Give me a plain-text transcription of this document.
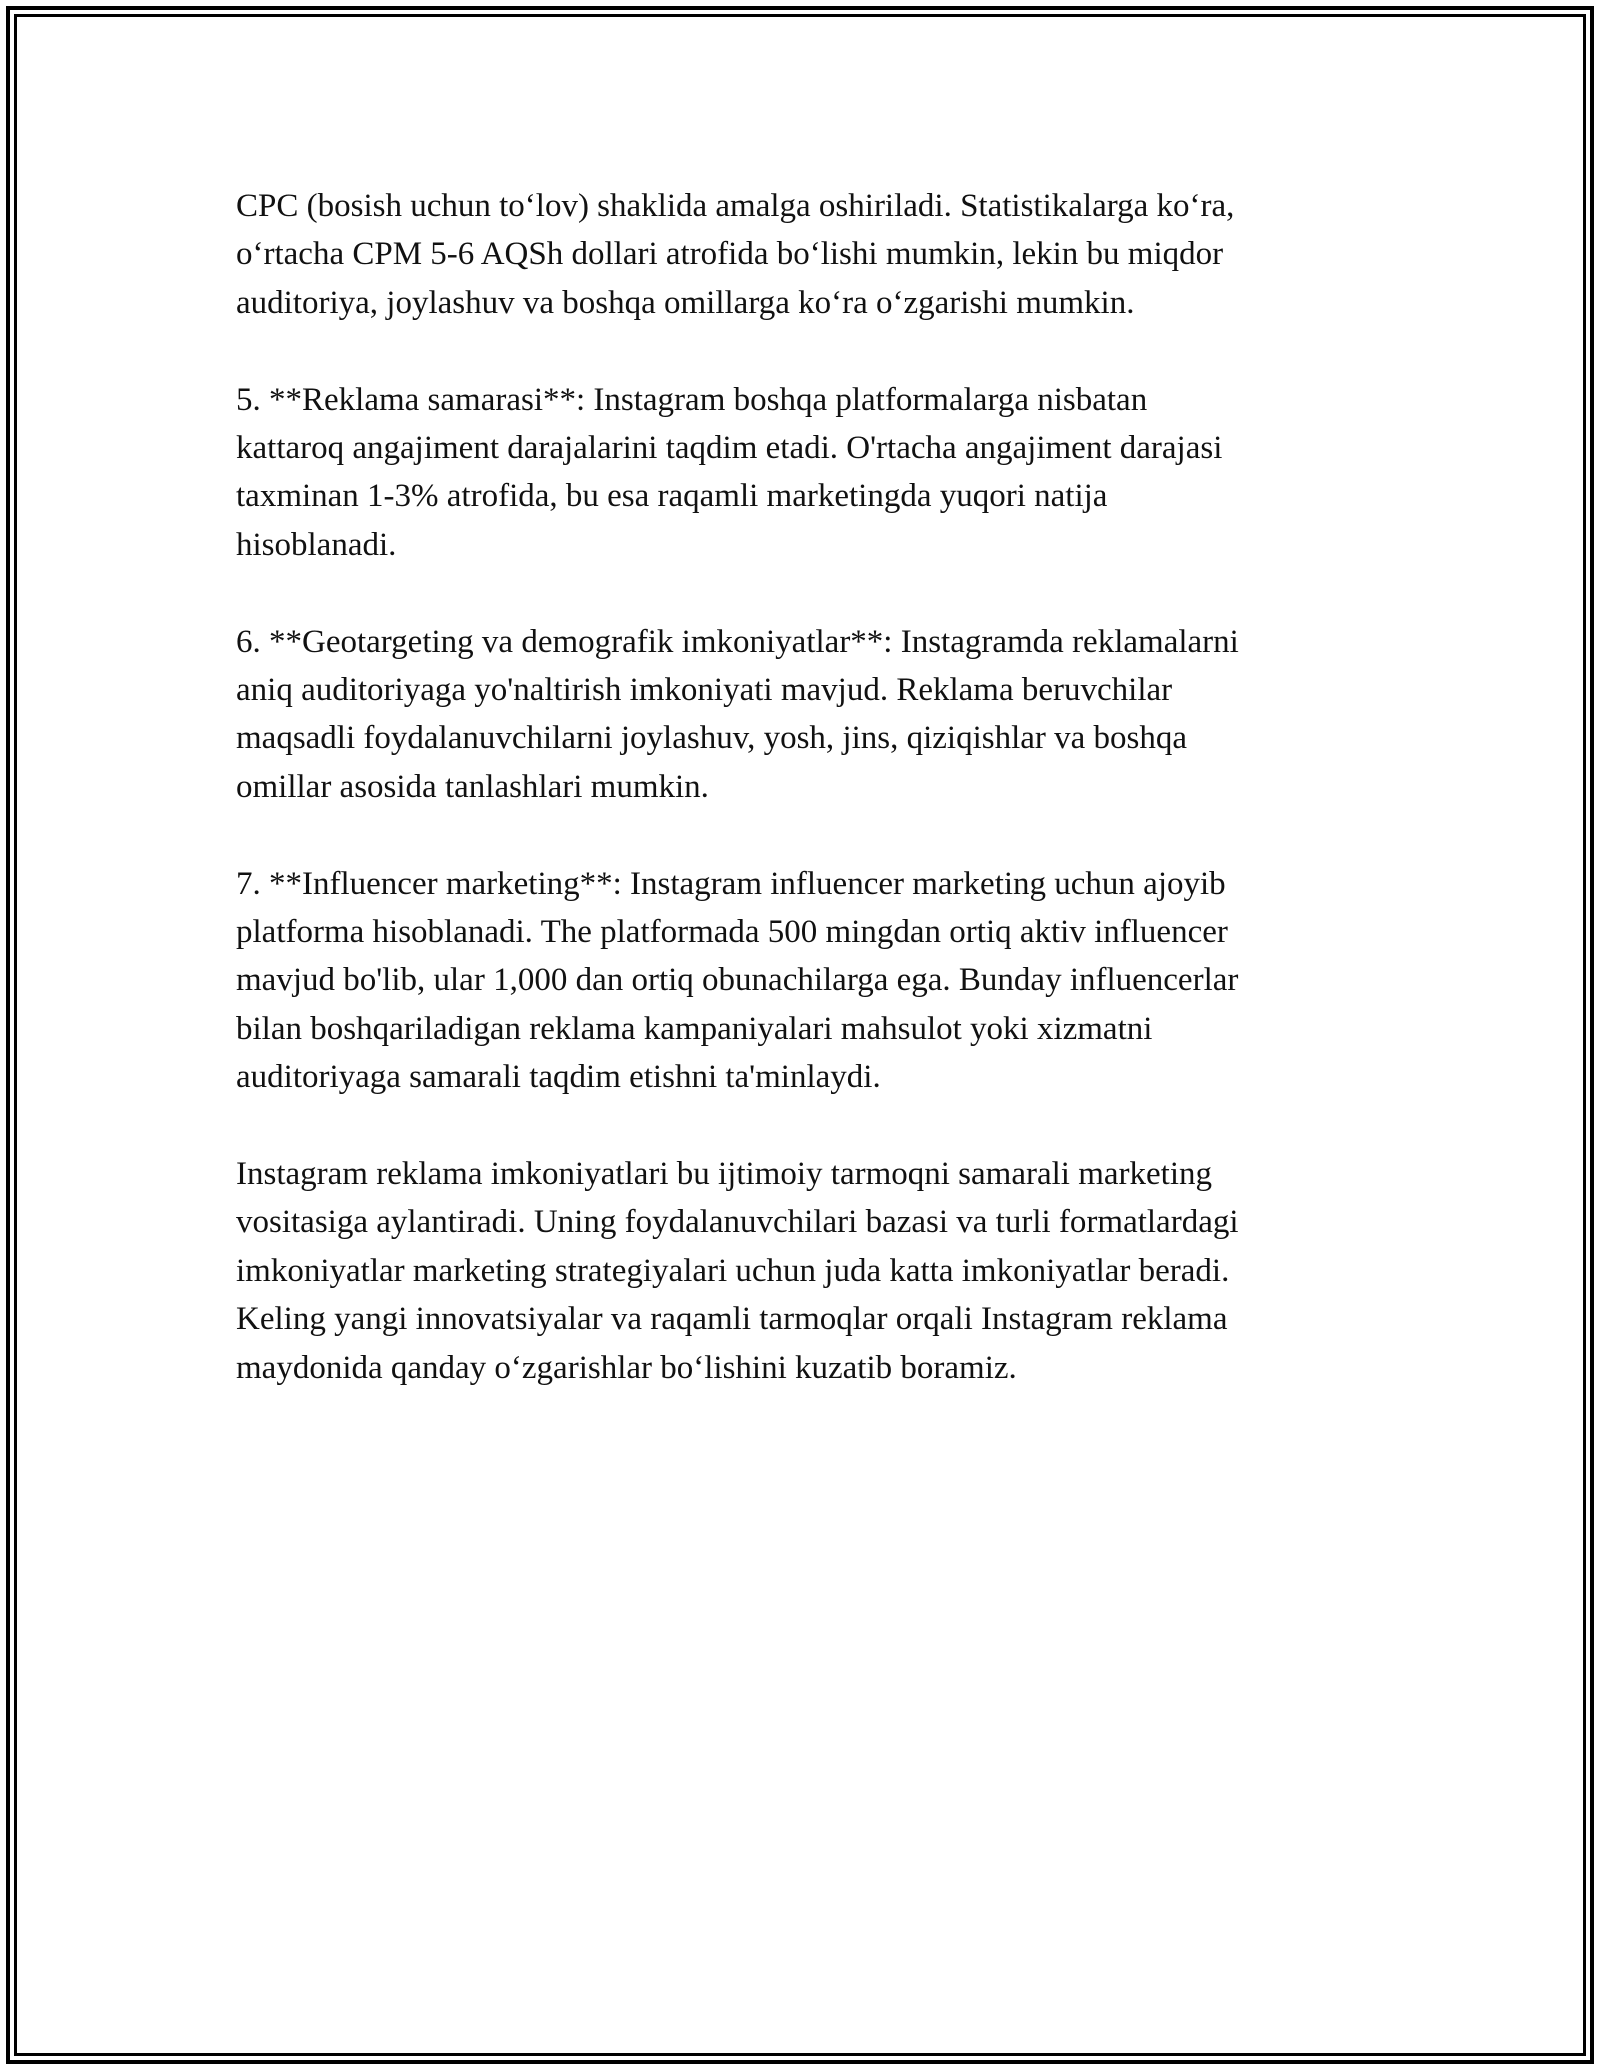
CPC (bosish uchun to‘lov) shaklida amalga oshiriladi. Statistikalarga ko‘ra,
o‘rtacha CPM 5-6 AQSh dollari atrofida bo‘lishi mumkin, lekin bu miqdor
auditoriya, joylashuv va boshqa omillarga ko‘ra o‘zgarishi mumkin.

5. **Reklama samarasi**: Instagram boshqa platformalarga nisbatan
kattaroq angajiment darajalarini taqdim etadi. O'rtacha angajiment darajasi
taxminan 1-3% atrofida, bu esa raqamli marketingda yuqori natija
hisoblanadi.

6. **Geotargeting va demografik imkoniyatlar**: Instagramda reklamalarni
aniq auditoriyaga yo'naltirish imkoniyati mavjud. Reklama beruvchilar
maqsadli foydalanuvchilarni joylashuv, yosh, jins, qiziqishlar va boshqa
omillar asosida tanlashlari mumkin.

7. **Influencer marketing**: Instagram influencer marketing uchun ajoyib
platforma hisoblanadi. The platformada 500 mingdan ortiq aktiv influencer
mavjud bo'lib, ular 1,000 dan ortiq obunachilarga ega. Bunday influencerlar
bilan boshqariladigan reklama kampaniyalari mahsulot yoki xizmatni
auditoriyaga samarali taqdim etishni ta'minlaydi.

Instagram reklama imkoniyatlari bu ijtimoiy tarmoqni samarali marketing
vositasiga aylantiradi. Uning foydalanuvchilari bazasi va turli formatlardagi
imkoniyatlar marketing strategiyalari uchun juda katta imkoniyatlar beradi.
Keling yangi innovatsiyalar va raqamli tarmoqlar orqali Instagram reklama
maydonida qanday o‘zgarishlar bo‘lishini kuzatib boramiz.
